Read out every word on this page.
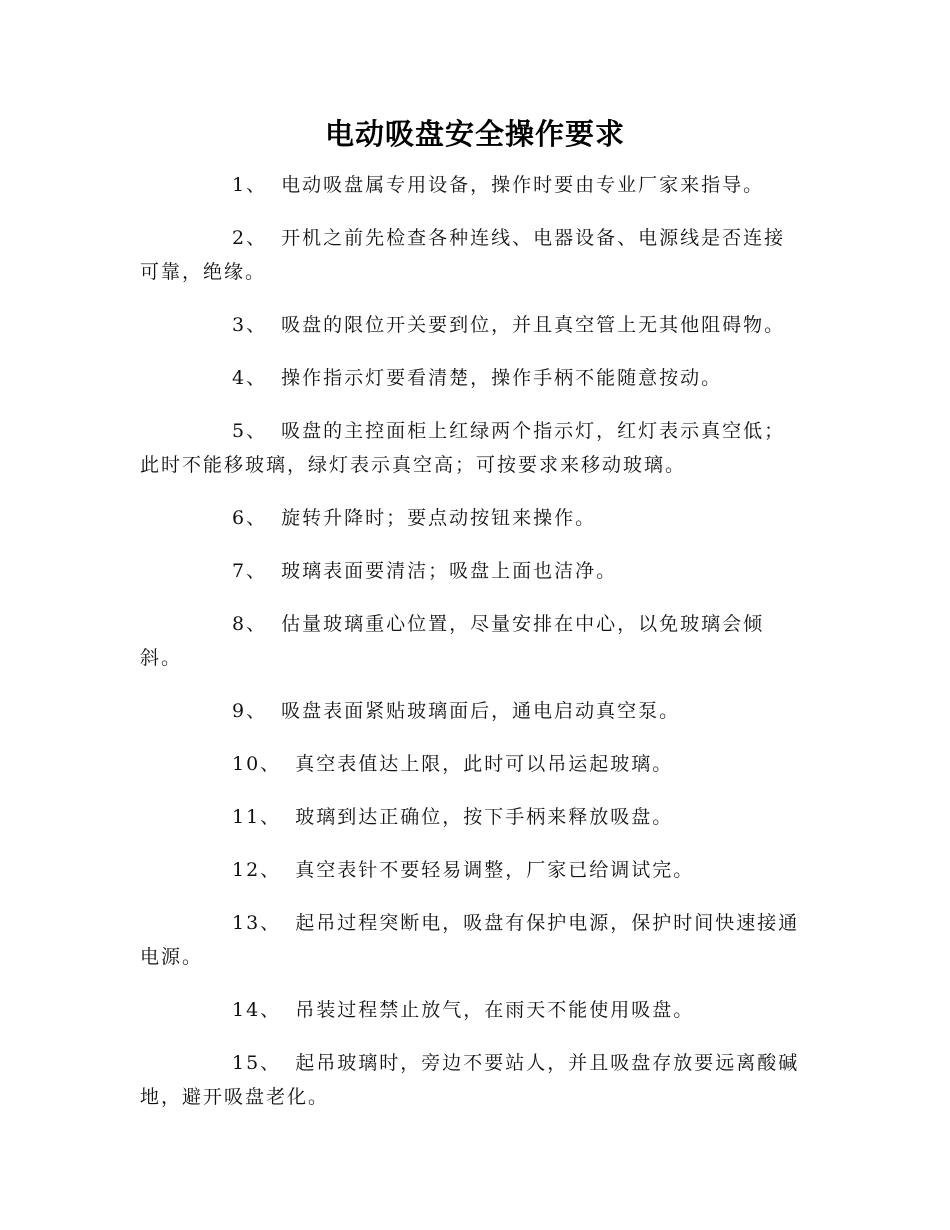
电动吸盘安全操作要求

1、 电动吸盘属专用设备，操作时要由专业厂家来指导。

2、 开机之前先检查各种连线、电器设备、电源线是否连接可靠，绝缘。

3、 吸盘的限位开关要到位，并且真空管上无其他阻碍物。

4、 操作指示灯要看清楚，操作手柄不能随意按动。

5、 吸盘的主控面柜上红绿两个指示灯，红灯表示真空低；此时不能移玻璃，绿灯表示真空高；可按要求来移动玻璃。

6、 旋转升降时；要点动按钮来操作。

7、 玻璃表面要清洁；吸盘上面也洁净。

8、 估量玻璃重心位置，尽量安排在中心，以免玻璃会倾斜。

9、 吸盘表面紧贴玻璃面后，通电启动真空泵。

10、 真空表值达上限，此时可以吊运起玻璃。

11、 玻璃到达正确位，按下手柄来释放吸盘。

12、 真空表针不要轻易调整，厂家已给调试完。

13、 起吊过程突断电，吸盘有保护电源，保护时间快速接通电源。

14、 吊装过程禁止放气，在雨天不能使用吸盘。

15、 起吊玻璃时，旁边不要站人，并且吸盘存放要远离酸碱地，避开吸盘老化。
